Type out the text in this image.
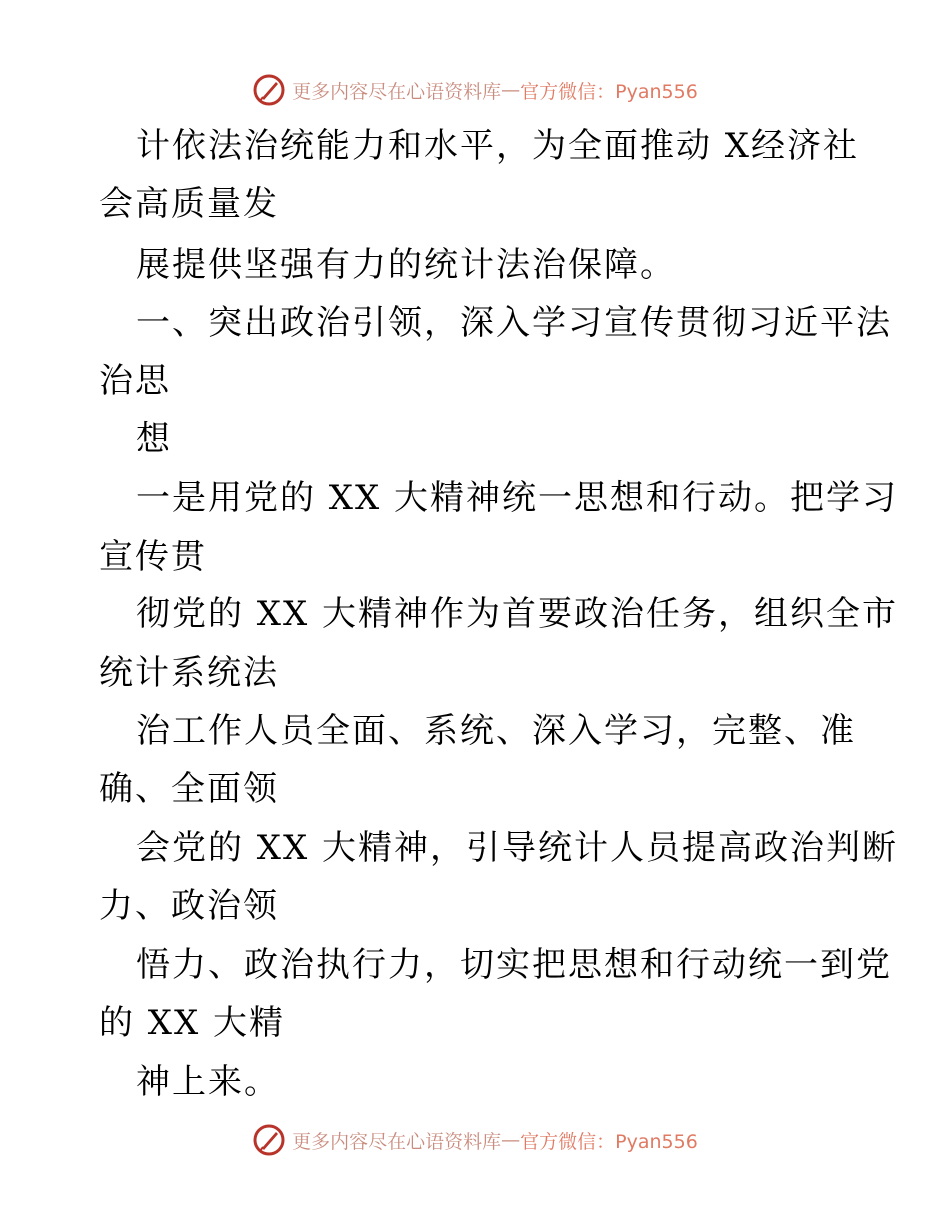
更多内容尽在心语资料库 — 官方微信：Pyan556
计依法治统能力和水平，为全面推动 X经济社
会高质量发
展提供坚强有力的统计法治保障。
一、突出政治引领，深入学习宣传贯彻习近平法
治思
想
一是用党的 XX 大精神统一思想和行动。把学习
宣传贯
彻党的 XX 大精神作为首要政治任务，组织全市
统计系统法
治工作人员全面、系统、深入学习，完整、准
确、全面领
会党的 XX 大精神，引导统计人员提高政治判断
力、政治领
悟力、政治执行力，切实把思想和行动统一到党
的 XX 大精
神上来。
更多内容尽在心语资料库 — 官方微信：Pyan556
